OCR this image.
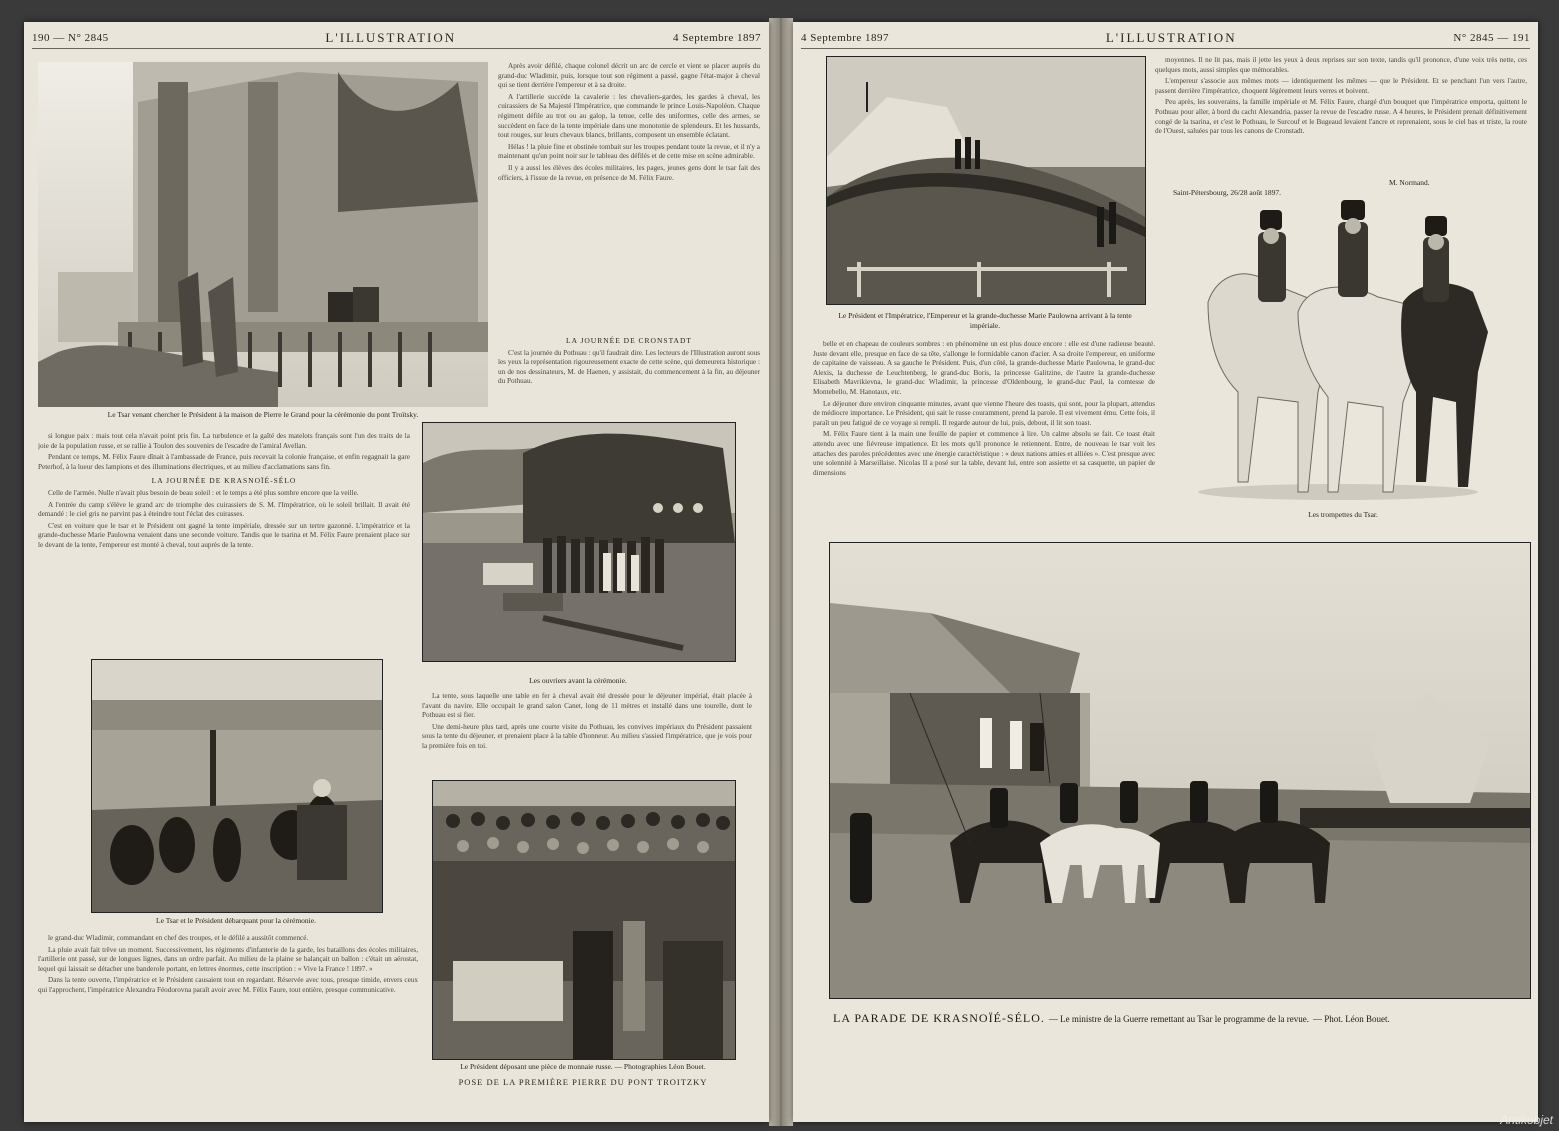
190 — N° 2845	L'ILLUSTRATION	4 Septembre 1897
Le Tsar venant chercher le Président à la maison de Pierre le Grand pour la cérémonie du pont Troïtsky.

Après avoir défilé, chaque colonel décrit un arc de cercle et vient se placer auprès du grand-duc Wladimir, puis, lorsque tout son régiment a passé, gagne l'état-major à cheval qui se tient derrière l'empereur et à sa droite.

A l'artillerie succède la cavalerie : les chevaliers-gardes, les gardes à cheval, les cuirassiers de Sa Majesté l'Impératrice, que commande le prince Louis-Napoléon. Chaque régiment défile au trot ou au galop, la tenue, celle des uniformes, celle des armes, se succèdent en face de la tente impériale dans une monotonie de splendeurs. Et les hussards, tout rouges, sur leurs chevaux blancs, brillants, composent un ensemble éclatant.

Hélas ! la pluie fine et obstinée tombait sur les troupes pendant toute la revue, et il n'y a maintenant qu'un point noir sur le tableau des défilés et de cette mise en scène admirable.

Il y a aussi les élèves des écoles militaires, les pages, jeunes gens dont le tsar fait des officiers, à l'issue de la revue, en présence de M. Félix Faure.

LA JOURNÉE DE CRONSTADT

C'est la journée du Pothuau : qu'il faudrait dire. Les lecteurs de l'Illustration auront sous les yeux la représentation rigoureusement exacte de cette scène, qui demeurera historique : un de nos dessinateurs, M. de Haenen, y assistait, du commencement à la fin, au déjeuner du Pothuau.

si longue paix : mais tout cela n'avait point pris fin. La turbulence et la gaîté des matelots français sont l'un des traits de la joie de la population russe, et se rallie à Toulon des souvenirs de l'escadre de l'amiral Avellan.

Pendant ce temps, M. Félix Faure dînait à l'ambassade de France, puis recevait la colonie française, et enfin regagnait la gare Peterhof, à la lueur des lampions et des illuminations électriques, et au milieu d'acclamations sans fin.

LA JOURNÉE DE KRASNOÏÉ-SÉLO

Celle de l'armée. Nulle n'avait plus besoin de beau soleil : et le temps a été plus sombre encore que la veille.

A l'entrée du camp s'élève le grand arc de triomphe des cuirassiers de S. M. l'Impératrice, où le soleil brillait. Il avait été demandé : le ciel gris ne parvint pas à éteindre tout l'éclat des cuirasses.

C'est en voiture que le tsar et le Président ont gagné la tente impériale, dressée sur un tertre gazonné. L'impératrice et la grande-duchesse Marie Paulowna venaient dans une seconde voiture. Tandis que le tsarina et M. Félix Faure prenaient place sur le devant de la tente, l'empereur est monté à cheval, tout auprès de la tente.

Les ouvriers avant la cérémonie.
Le Tsar et le Président débarquant pour la cérémonie.

La tente, sous laquelle une table en fer à cheval avait été dressée pour le déjeuner impérial, était placée à l'avant du navire. Elle occupait le grand salon Canet, long de 11 mètres et installé dans une tourelle, dont le Pothuau est si fier.

Une demi-heure plus tard, après une courte visite du Pothuau, les convives impériaux du Président passaient sous la tente du déjeuner, et prenaient place à la table d'honneur. Au milieu s'assied l'impératrice, que je vois pour la première fois en toi.

Le Président déposant une pièce de monnaie russe. — Photographies Léon Bouet.
POSE DE LA PREMIÈRE PIERRE DU PONT TROITZKY

le grand-duc Wladimir, commandant en chef des troupes, et le défilé a aussitôt commencé.

La pluie avait fait trêve un moment. Successivement, les régiments d'infanterie de la garde, les bataillons des écoles militaires, l'artillerie ont passé, sur de longues lignes, dans un ordre parfait. Au milieu de la plaine se balançait un ballon : c'était un aérostat, lequel qui laissait se détacher une banderole portant, en lettres énormes, cette inscription : « Vive la France ! 1897. »

Dans la tente ouverte, l'impératrice et le Président causaient tout en regardant. Réservée avec tous, presque timide, envers ceux qui l'approchent, l'impératrice Alexandra Féodorovna paraît avoir avec M. Félix Faure, tout entière, presque communicative.

4 Septembre 1897	L'ILLUSTRATION	N° 2845 — 191
Le Président et l'Impératrice, l'Empereur et la grande-duchesse Marie Paulowna arrivant à la tente impériale.

moyennes. Il ne lit pas, mais il jette les yeux à deux reprises sur son texte, tandis qu'il prononce, d'une voix très nette, ces quelques mots, aussi simples que mémorables.

L'empereur s'associe aux mêmes mots — identiquement les mêmes — que le Président. Et se penchant l'un vers l'autre, passent derrière l'impératrice, choquent légèrement leurs verres et boivent.

Peu après, les souverains, la famille impériale et M. Félix Faure, chargé d'un bouquet que l'impératrice emporta, quittent le Pothuau pour aller, à bord du cacht Alexandria, passer la revue de l'escadre russe. A 4 heures, le Président prenait définitivement congé de la tsarina, et c'est le Pothuau, le Surcouf et le Bugeaud levaient l'ancre et reprenaient, sous le ciel bas et triste, la route de l'Ouest, saluées par tous les canons de Cronstadt.

Saint-Pétersbourg, 26/28 août 1897.
M. Normand.
Les trompettes du Tsar.

belle et en chapeau de couleurs sombres : en phénomène un est plus douce encore : elle est d'une radieuse beauté. Juste devant elle, presque en face de sa tête, s'allonge le formidable canon d'acier. A sa droite l'empereur, en uniforme de capitaine de vaisseau. A sa gauche le Président. Puis, d'un côté, la grande-duchesse Marie Paulowna, le grand-duc Alexis, la duchesse de Leuchtenberg, le grand-duc Boris, la princesse Galitzine, de l'autre la grande-duchesse Elisabeth Mavrikievna, le grand-duc Wladimir, la princesse d'Oldenbourg, le grand-duc Paul, la comtesse de Montebello, M. Hanotaux, etc.

Le déjeuner dure environ cinquante minutes, avant que vienne l'heure des toasts, qui sont, pour la plupart, attendus de médiocre importance. Le Président, qui sait le russe couramment, prend la parole. Il est vivement ému. Cette fois, il paraît un peu fatigué de ce voyage si rempli. Il regarde autour de lui, puis, debout, il lit son toast.

M. Félix Faure tient à la main une feuille de papier et commence à lire. Un calme absolu se fait. Ce toast était attendu avec une fiévreuse impatience. Et les mots qu'il prononce le retiennent. Entre, de nouveau le tsar voit les attaches des paroles précédentes avec une énergie caractéristique : « deux nations amies et alliées ». C'est presque avec une solennité à Marseillaise. Nicolas II a posé sur la table, devant lui, entre son assiette et sa casquette, un papier de dimensions

LA PARADE DE KRASNOÏÉ-SÉLO. — Le ministre de la Guerre remettant au Tsar le programme de la revue. — Phot. Léon Bouet.
Antikobjet
